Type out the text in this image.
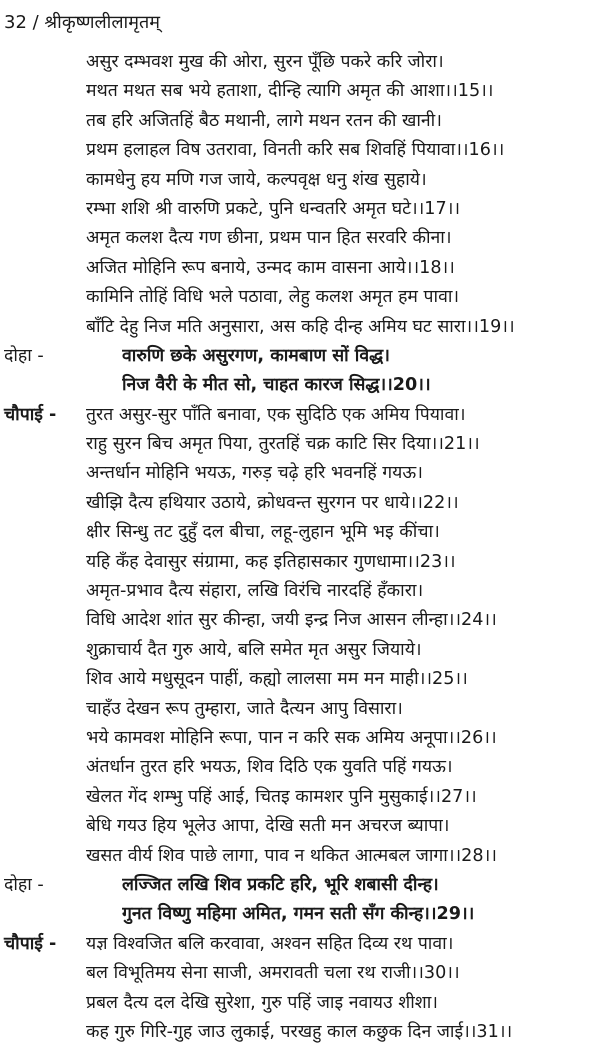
32 / श्रीकृष्णलीलामृतम्
असुर दम्भवश मुख की ओरा, सुरन पूँछि पकरे करि जोरा।
मथत मथत सब भये हताशा, दीन्हि त्यागि अमृत की आशा।।15।।
तब हरि अजितहिं बैठ मथानी, लागे मथन रतन की खानी।
प्रथम हलाहल विष उतरावा, विनती करि सब शिवहिं पियावा।।16।।
कामधेनु हय मणि गज जाये, कल्पवृक्ष धनु शंख सुहाये।
रम्भा शशि श्री वारुणि प्रकटे, पुनि धन्वतरि अमृत घटे।।17।।
अमृत कलश दैत्य गण छीना, प्रथम पान हित सरवरि कीना।
अजित मोहिनि रूप बनाये, उन्मद काम वासना आये।।18।।
कामिनि तोहिं विधि भले पठावा, लेहु कलश अमृत हम पावा।
बाँटि देहु निज मति अनुसारा, अस कहि दीन्ह अमिय घट सारा।।19।।
दोहा -	वारुणि छके असुरगण, कामबाण सों विद्ध।
निज वैरी के मीत सो, चाहत कारज सिद्ध।।20।।
चौपाई - तुरत असुर-सुर पाँति बनावा, एक सुदिठि एक अमिय पियावा।
राहु सुरन बिच अमृत पिया, तुरतहिं चक्र काटि सिर दिया।।21।।
अन्तर्धान मोहिनि भयऊ, गरुड़ चढ़े हरि भवनहिं गयऊ।
खीझि दैत्य हथियार उठाये, क्रोधवन्त सुरगन पर धाये।।22।।
क्षीर सिन्धु तट दुहुँ दल बीचा, लहू-लुहान भूमि भइ कींचा।
यहि कँह देवासुर संग्रामा, कह इतिहासकार गुणधामा।।23।।
अमृत-प्रभाव दैत्य संहारा, लखि विरंचि नारदहिं हँकारा।
विधि आदेश शांत सुर कीन्हा, जयी इन्द्र निज आसन लीन्हा।।24।।
शुक्राचार्य दैत गुरु आये, बलि समेत मृत असुर जियाये।
शिव आये मधुसूदन पाहीं, कह्यो लालसा मम मन माही।।25।।
चाहँउ देखन रूप तुम्हारा, जाते दैत्यन आपु विसारा।
भये कामवश मोहिनि रूपा, पान न करि सक अमिय अनूपा।।26।।
अंतर्धान तुरत हरि भयऊ, शिव दिठि एक युवति पहिं गयऊ।
खेलत गेंद शम्भु पहिं आई, चितइ कामशर पुनि मुसुकाई।।27।।
बेधि गयउ हिय भूलेउ आपा, देखि सती मन अचरज ब्यापा।
खसत वीर्य शिव पाछे लागा, पाव न थकित आत्मबल जागा।।28।।
दोहा -	लज्जित लखि शिव प्रकटि हरि, भूरि शबासी दीन्ह।
गुनत विष्णु महिमा अमित, गमन सती सँग कीन्ह।।29।।
चौपाई - यज्ञ विश्वजित बलि करवावा, अश्वन सहित दिव्य रथ पावा।
बल विभूतिमय सेना साजी, अमरावती चला रथ राजी।।30।।
प्रबल दैत्य दल देखि सुरेशा, गुरु पहिं जाइ नवायउ शीशा।
कह गुरु गिरि-गुह जाउ लुकाई, परखहु काल कछुक दिन जाई।।31।।
